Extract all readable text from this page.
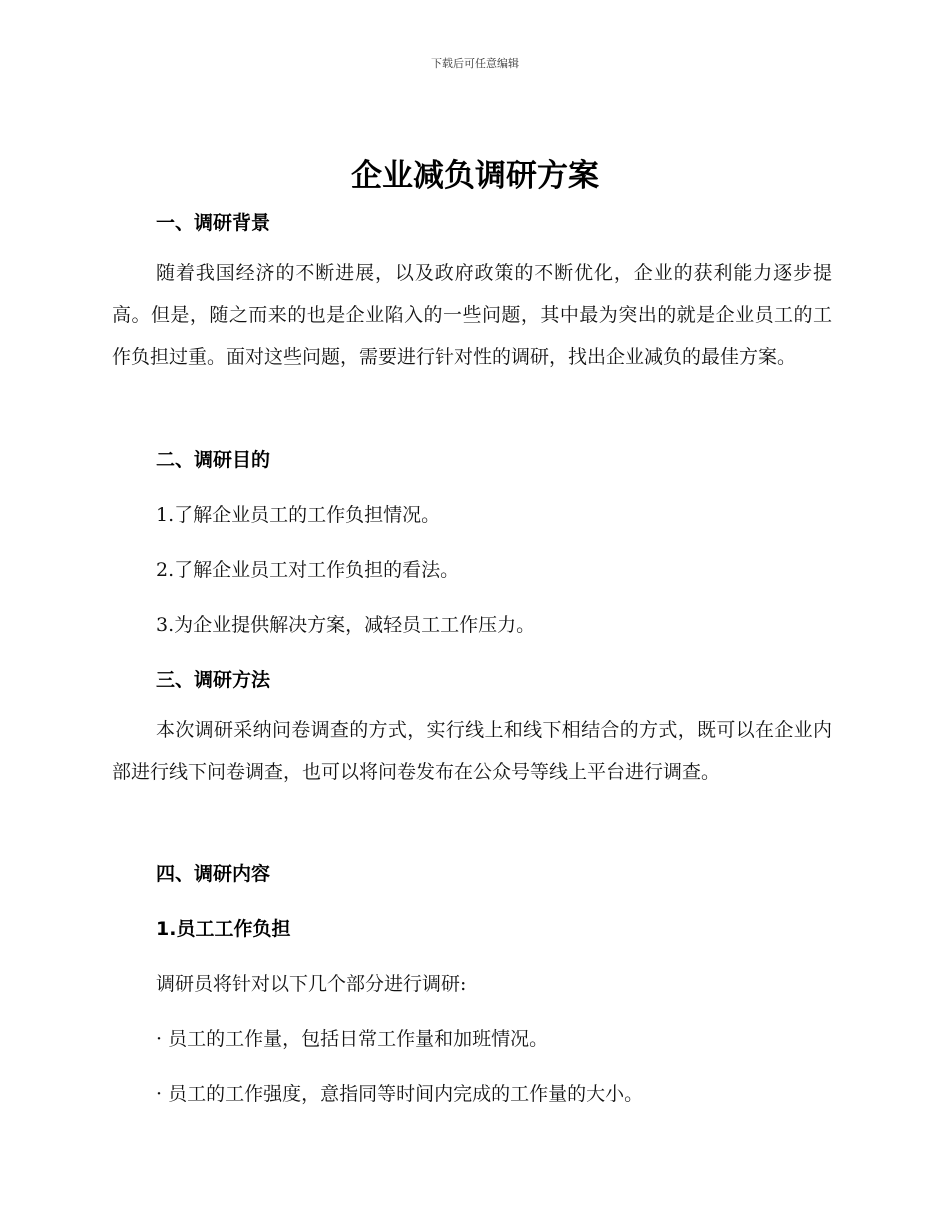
下载后可任意编辑
企业减负调研方案
一、调研背景
随着我国经济的不断进展，以及政府政策的不断优化，企业的获利能力逐步提高。但是，随之而来的也是企业陷入的一些问题，其中最为突出的就是企业员工的工作负担过重。面对这些问题，需要进行针对性的调研，找出企业减负的最佳方案。
二、调研目的
1.了解企业员工的工作负担情况。
2.了解企业员工对工作负担的看法。
3.为企业提供解决方案，减轻员工工作压力。
三、调研方法
本次调研采纳问卷调查的方式，实行线上和线下相结合的方式，既可以在企业内部进行线下问卷调查，也可以将问卷发布在公众号等线上平台进行调查。
四、调研内容
1.员工工作负担
调研员将针对以下几个部分进行调研:
· 员工的工作量，包括日常工作量和加班情况。
· 员工的工作强度，意指同等时间内完成的工作量的大小。
